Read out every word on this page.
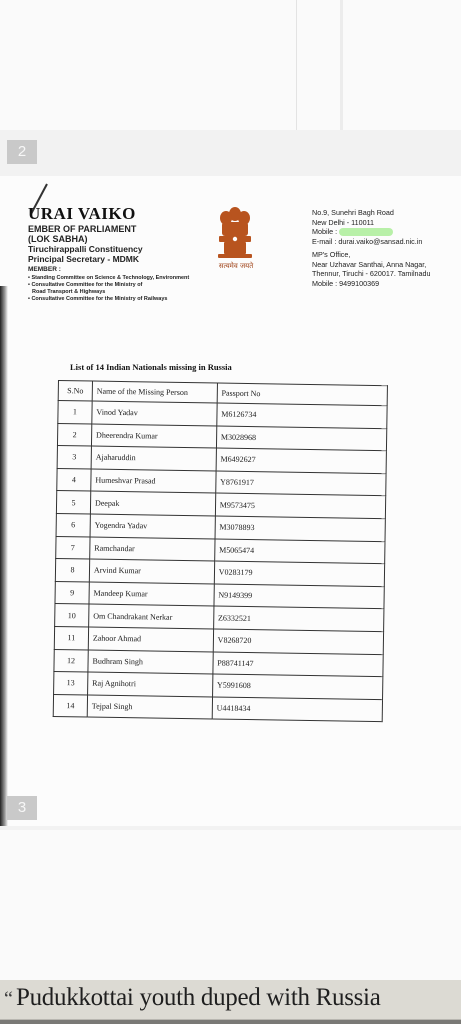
2
URAI VAIKO
EMBER OF PARLIAMENT
(LOK SABHA)
Tiruchirappalli Constituency
Principal Secretary - MDMK
MEMBER :
• Standing Committee on Science & Technology, Environment
• Consultative Committee for the Ministry of
Road Transport & Highways
• Consultative Committee for the Ministry of Railways
सत्यमेव जयते
No.9, Sunehri Bagh Road
New Delhi - 110011
Mobile :
E-mail : durai.vaiko@sansad.nic.in
MP's Office,
Near Uzhavar Santhai, Anna Nagar,
Thennur, Tiruchi - 620017. Tamilnadu
Mobile : 9499100369
List of 14 Indian Nationals missing in Russia
S.No	Name of the Missing Person	Passport No
1	Vinod Yadav	M6126734
2	Dheerendra Kumar	M3028968
3	Ajaharuddin	M6492627
4	Humeshvar Prasad	Y8761917
5	Deepak	M9573475
6	Yogendra Yadav	M3078893
7	Ramchandar	M5065474
8	Arvind Kumar	V0283179
9	Mandeep Kumar	N9149399
10	Om Chandrakant Nerkar	Z6332521
11	Zahoor Ahmad	V8268720
12	Budhram Singh	P88741147
13	Raj Agnihotri	Y5991608
14	Tejpal Singh	U4418434
3
“ Pudukkottai youth duped with Russia
